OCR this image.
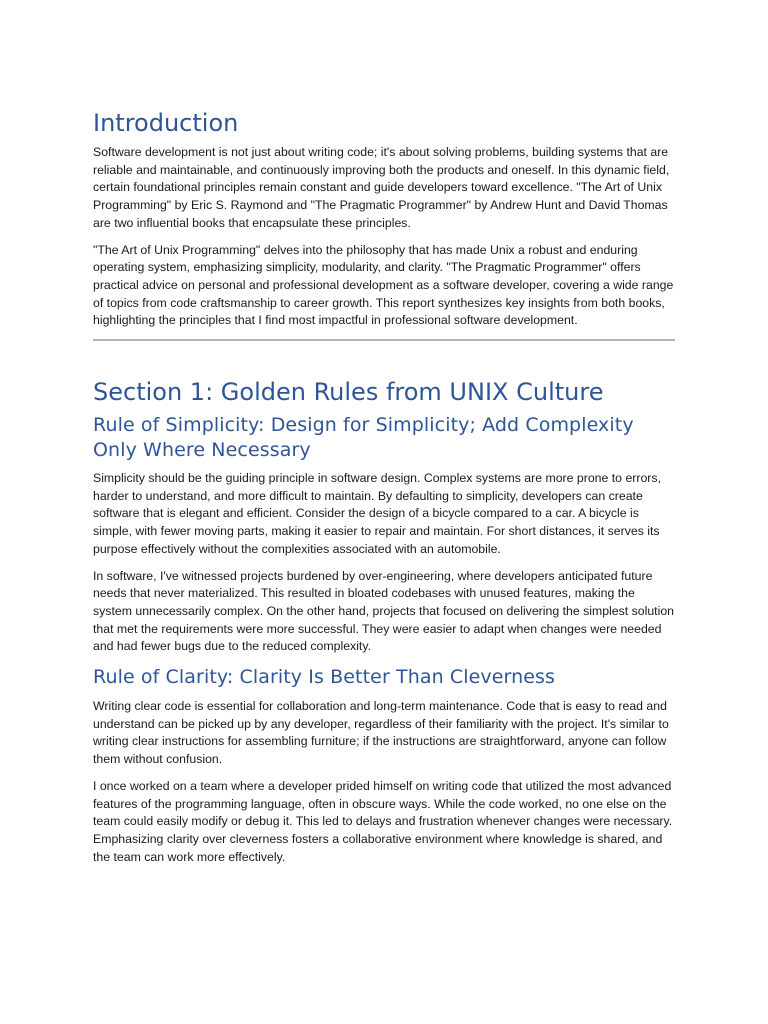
Introduction

Software development is not just about writing code; it's about solving problems, building systems that are reliable and maintainable, and continuously improving both the products and oneself. In this dynamic field, certain foundational principles remain constant and guide developers toward excellence. "The Art of Unix Programming" by Eric S. Raymond and "The Pragmatic Programmer" by Andrew Hunt and David Thomas are two influential books that encapsulate these principles.

"The Art of Unix Programming" delves into the philosophy that has made Unix a robust and enduring operating system, emphasizing simplicity, modularity, and clarity. "The Pragmatic Programmer" offers practical advice on personal and professional development as a software developer, covering a wide range of topics from code craftsmanship to career growth. This report synthesizes key insights from both books, highlighting the principles that I find most impactful in professional software development.

Section 1: Golden Rules from UNIX Culture
Rule of Simplicity: Design for Simplicity; Add Complexity Only Where Necessary

Simplicity should be the guiding principle in software design. Complex systems are more prone to errors, harder to understand, and more difficult to maintain. By defaulting to simplicity, developers can create software that is elegant and efficient. Consider the design of a bicycle compared to a car. A bicycle is simple, with fewer moving parts, making it easier to repair and maintain. For short distances, it serves its purpose effectively without the complexities associated with an automobile.

In software, I've witnessed projects burdened by over-engineering, where developers anticipated future needs that never materialized. This resulted in bloated codebases with unused features, making the system unnecessarily complex. On the other hand, projects that focused on delivering the simplest solution that met the requirements were more successful. They were easier to adapt when changes were needed and had fewer bugs due to the reduced complexity.

Rule of Clarity: Clarity Is Better Than Cleverness

Writing clear code is essential for collaboration and long-term maintenance. Code that is easy to read and understand can be picked up by any developer, regardless of their familiarity with the project. It's similar to writing clear instructions for assembling furniture; if the instructions are straightforward, anyone can follow them without confusion.

I once worked on a team where a developer prided himself on writing code that utilized the most advanced features of the programming language, often in obscure ways. While the code worked, no one else on the team could easily modify or debug it. This led to delays and frustration whenever changes were necessary. Emphasizing clarity over cleverness fosters a collaborative environment where knowledge is shared, and the team can work more effectively.
